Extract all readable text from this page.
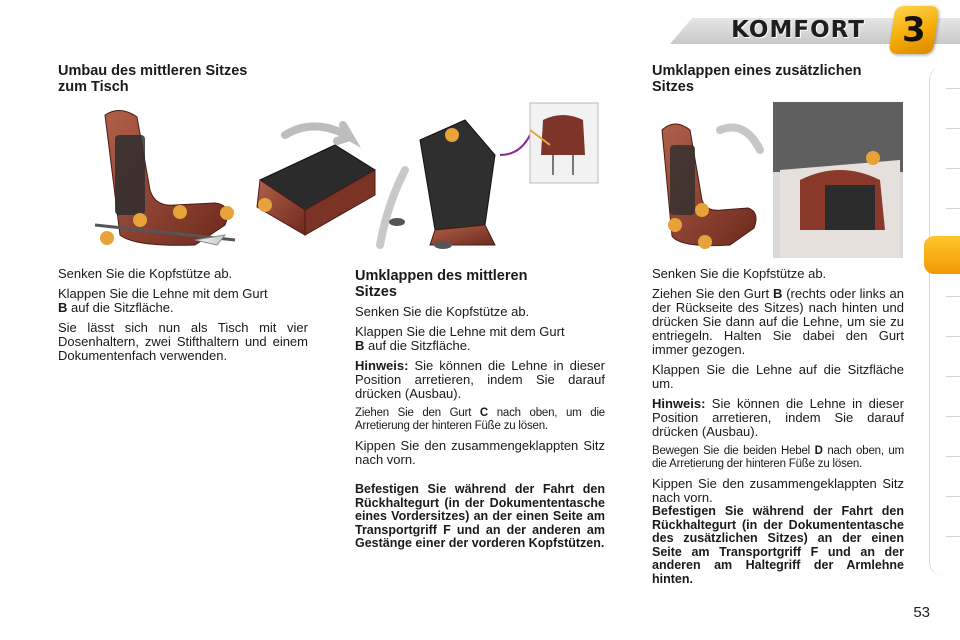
KOMFORT 3
Umbau des mittleren Sitzes
zum Tisch
Umklappen eines zusätzlichen
Sitzes

Senken Sie die Kopfstütze ab.

Klappen Sie die Lehne mit dem Gurt
B auf die Sitzfläche.

Sie lässt sich nun als Tisch mit vier Dosenhaltern, zwei Stifthaltern und einem Dokumentenfach verwenden.

Umklappen des mittleren
Sitzes

Senken Sie die Kopfstütze ab.

Klappen Sie die Lehne mit dem Gurt
B auf die Sitzfläche.

Hinweis: Sie können die Lehne in dieser Position arretieren, indem Sie darauf drücken (Ausbau).

Ziehen Sie den Gurt C nach oben, um die Arretierung der hinteren Füße zu lösen.

Kippen Sie den zusammengeklappten Sitz nach vorn.

Befestigen Sie während der Fahrt den Rückhaltegurt (in der Dokumententasche eines Vordersitzes) an der einen Seite am Transportgriff F und an der anderen am Gestänge einer der vorderen Kopfstützen.

Senken Sie die Kopfstütze ab.

Ziehen Sie den Gurt B (rechts oder links an der Rückseite des Sitzes) nach hinten und drücken Sie dann auf die Lehne, um sie zu entriegeln. Halten Sie dabei den Gurt immer gezogen.

Klappen Sie die Lehne auf die Sitzfläche um.

Hinweis: Sie können die Lehne in dieser Position arretieren, indem Sie darauf drücken (Ausbau).

Bewegen Sie die beiden Hebel D nach oben, um die Arretierung der hinteren Füße zu lösen.

Kippen Sie den zusammengeklappten Sitz nach vorn.

Befestigen Sie während der Fahrt den Rückhaltegurt (in der Dokumententasche des zusätzlichen Sitzes) an der einen Seite am Transportgriff F und an der anderen am Haltegriff der Armlehne hinten.

53
